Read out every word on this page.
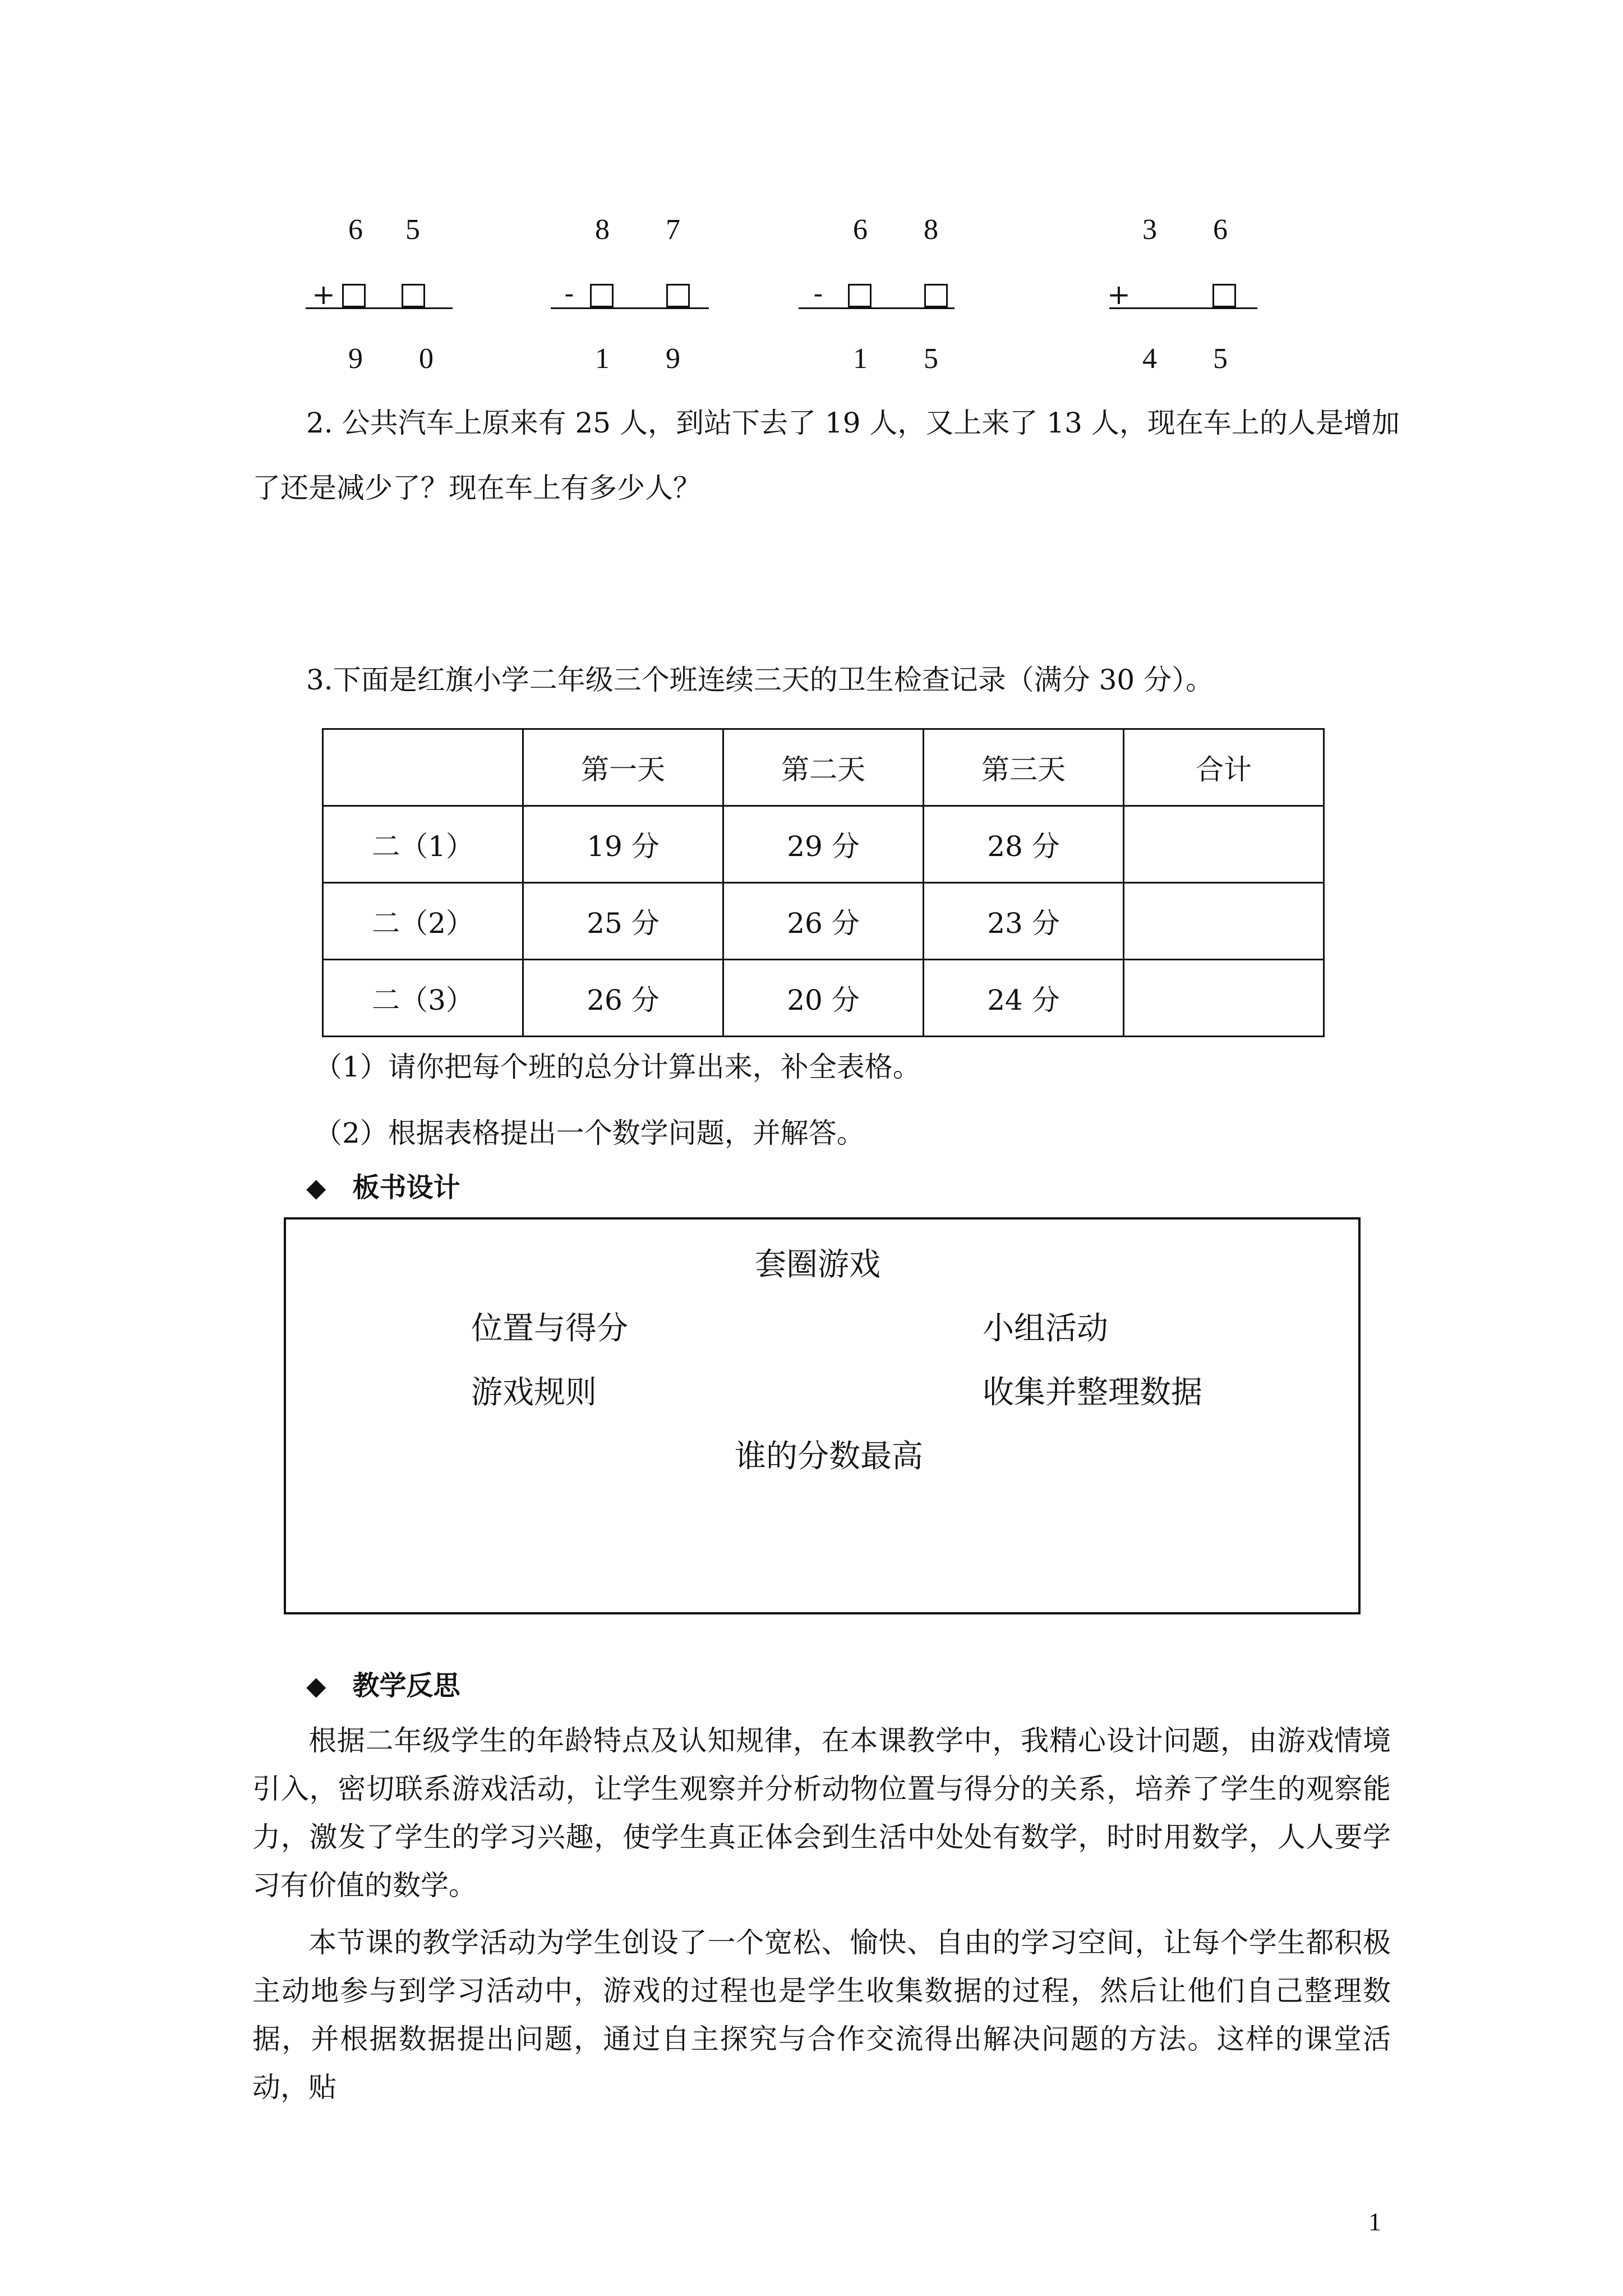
6	5
+
9	0
8	7
-
1	9
6	8
-
1	5
3	6
+
4	5
2. 公共汽车上原来有 25 人，到站下去了 19 人，又上来了 13 人，现在车上的人是增加
了还是减少了？现在车上有多少人？
3.下面是红旗小学二年级三个班连续三天的卫生检查记录（满分 30 分）。
	第一天	第二天	第三天	合计
二（1）	19 分	29 分	28 分	
二（2）	25 分	26 分	23 分	
二（3）	26 分	20 分	24 分	
（1）请你把每个班的总分计算出来，补全表格。
（2）根据表格提出一个数学问题，并解答。
◆ 板书设计
套圈游戏
位置与得分	小组活动
游戏规则	收集并整理数据
谁的分数最高
◆ 教学反思

根据二年级学生的年龄特点及认知规律，在本课教学中，我精心设计问题，由游戏情境引入，密切联系游戏活动，让学生观察并分析动物位置与得分的关系，培养了学生的观察能力，激发了学生的学习兴趣，使学生真正体会到生活中处处有数学，时时用数学，人人要学习有价值的数学。

本节课的教学活动为学生创设了一个宽松、愉快、自由的学习空间，让每个学生都积极主动地参与到学习活动中，游戏的过程也是学生收集数据的过程，然后让他们自己整理数据，并根据数据提出问题，通过自主探究与合作交流得出解决问题的方法。这样的课堂活动，贴

1
